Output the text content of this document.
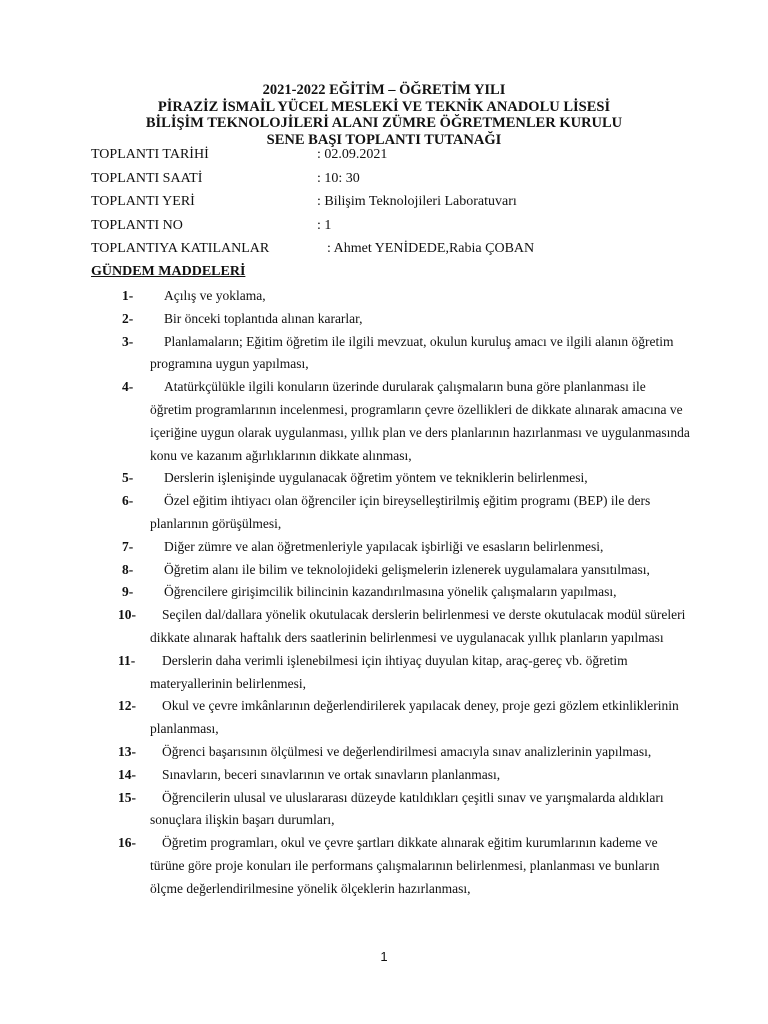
2021-2022 EĞİTİM – ÖĞRETİM YILI
PİRAZİZ İSMAİL YÜCEL MESLEKİ VE TEKNİK ANADOLU LİSESİ
BİLİŞİM TEKNOLOJİLERİ ALANI ZÜMRE ÖĞRETMENLER KURULU
SENE BAŞI TOPLANTI TUTANAĞI
TOPLANTI TARİHİ	: 02.09.2021
TOPLANTI SAATİ	: 10: 30
TOPLANTI YERİ	: Bilişim Teknolojileri Laboratuvarı
TOPLANTI NO	: 1
TOPLANTIYA KATILANLAR	: Ahmet YENİDEDE,Rabia ÇOBAN
GÜNDEM MADDELERİ
1-	Açılış ve yoklama,
2-	Bir önceki toplantıda alınan kararlar,
3-	Planlamaların; Eğitim öğretim ile ilgili mevzuat, okulun kuruluş amacı ve ilgili alanın öğretim programına uygun yapılması,
4-	Atatürkçülükle ilgili konuların üzerinde durularak çalışmaların buna göre planlanması ile öğretim programlarının incelenmesi, programların çevre özellikleri de dikkate alınarak amacına ve içeriğine uygun olarak uygulanması, yıllık plan ve ders planlarının hazırlanması ve uygulanmasında konu ve kazanım ağırlıklarının dikkate alınması,
5-	Derslerin işlenişinde uygulanacak öğretim yöntem ve tekniklerin belirlenmesi,
6-	Özel eğitim ihtiyacı olan öğrenciler için bireyselleştirilmiş eğitim programı (BEP) ile ders planlarının görüşülmesi,
7-	Diğer zümre ve alan öğretmenleriyle yapılacak işbirliği ve esasların belirlenmesi,
8-	Öğretim alanı ile bilim ve teknolojideki gelişmelerin izlenerek uygulamalara yansıtılması,
9-	Öğrencilere girişimcilik bilincinin kazandırılmasına yönelik çalışmaların yapılması,
10-	Seçilen dal/dallara yönelik okutulacak derslerin belirlenmesi ve derste okutulacak modül süreleri dikkate alınarak haftalık ders saatlerinin belirlenmesi ve uygulanacak yıllık planların yapılması
11-	Derslerin daha verimli işlenebilmesi için ihtiyaç duyulan kitap, araç-gereç vb. öğretim materyallerinin belirlenmesi,
12-	Okul ve çevre imkânlarının değerlendirilerek yapılacak deney, proje gezi gözlem etkinliklerinin planlanması,
13-	Öğrenci başarısının ölçülmesi ve değerlendirilmesi amacıyla sınav analizlerinin yapılması,
14-	Sınavların, beceri sınavlarının ve ortak sınavların planlanması,
15-	Öğrencilerin ulusal ve uluslararası düzeyde katıldıkları çeşitli sınav ve yarışmalarda aldıkları sonuçlara ilişkin başarı durumları,
16-	Öğretim programları, okul ve çevre şartları dikkate alınarak eğitim kurumlarının kademe ve türüne göre proje konuları ile performans çalışmalarının belirlenmesi, planlanması ve bunların ölçme değerlendirilmesine yönelik ölçeklerin hazırlanması,
1
